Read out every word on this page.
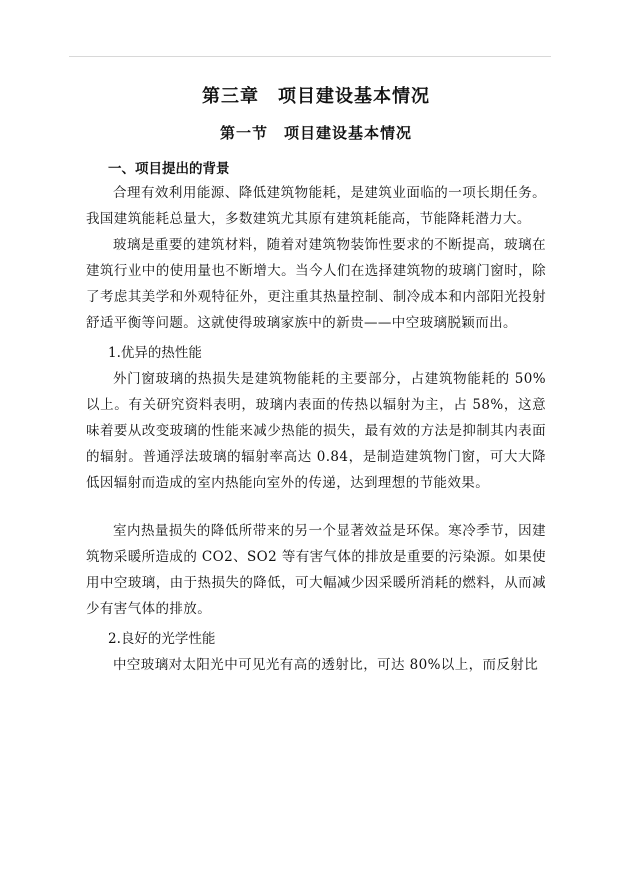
第三章　项目建设基本情况
第一节　项目建设基本情况
一、项目提出的背景

合理有效利用能源、降低建筑物能耗，是建筑业面临的一项长期任务。我国建筑能耗总量大，多数建筑尤其原有建筑耗能高，节能降耗潜力大。

玻璃是重要的建筑材料，随着对建筑物装饰性要求的不断提高，玻璃在建筑行业中的使用量也不断增大。当今人们在选择建筑物的玻璃门窗时，除了考虑其美学和外观特征外，更注重其热量控制、制冷成本和内部阳光投射舒适平衡等问题。这就使得玻璃家族中的新贵——中空玻璃脱颖而出。

1.优异的热性能

外门窗玻璃的热损失是建筑物能耗的主要部分，占建筑物能耗的 50%以上。有关研究资料表明，玻璃内表面的传热以辐射为主，占 58%，这意味着要从改变玻璃的性能来减少热能的损失，最有效的方法是抑制其内表面的辐射。普通浮法玻璃的辐射率高达 0.84，是制造建筑物门窗，可大大降低因辐射而造成的室内热能向室外的传递，达到理想的节能效果。

室内热量损失的降低所带来的另一个显著效益是环保。寒冷季节，因建筑物采暖所造成的 CO2、SO2 等有害气体的排放是重要的污染源。如果使用中空玻璃，由于热损失的降低，可大幅减少因采暖所消耗的燃料，从而减少有害气体的排放。

2.良好的光学性能

中空玻璃对太阳光中可见光有高的透射比，可达 80%以上，而反射比
